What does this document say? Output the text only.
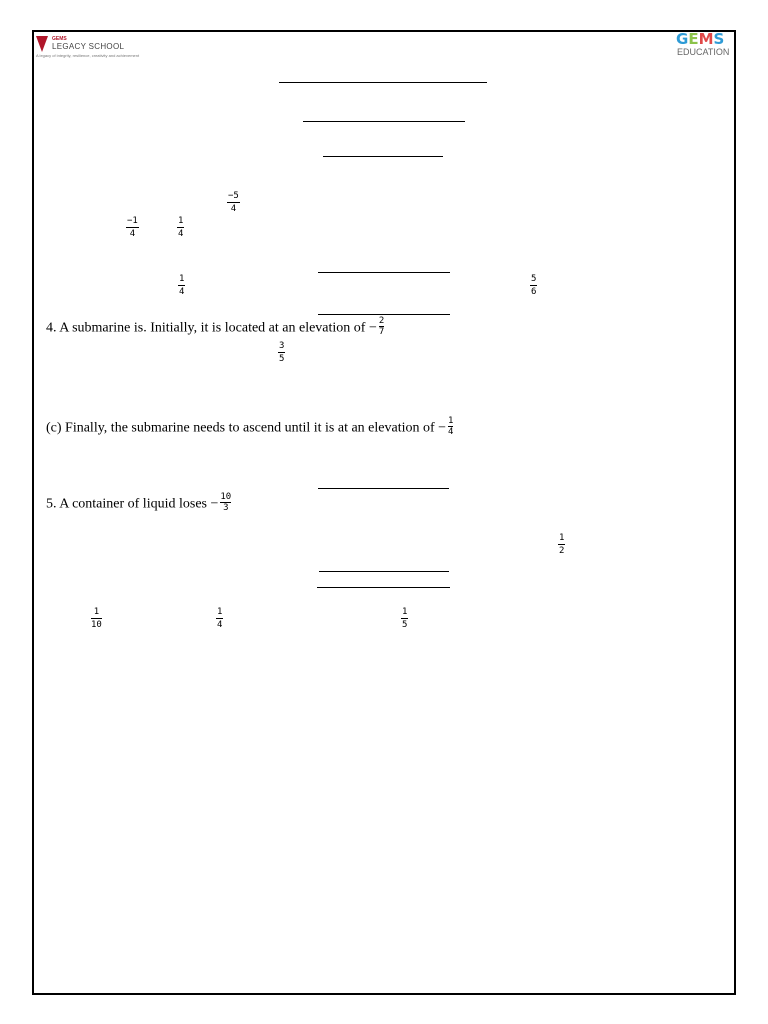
GEMS
LEGACY SCHOOL
A legacy of integrity, resilience, creativity and achievement
GEMS
EDUCATION
−5
4
−1
4
1
4
1
4
5
6
4. A submarine is. Initially, it is located at an elevation of − $\frac{2}{7}$
3
5
(c) Finally, the submarine needs to ascend until it is at an elevation of − $\frac{1}{4}$
5. A container of liquid loses − $\frac{10}{3}$
1
2
1
10
1
4
1
5
